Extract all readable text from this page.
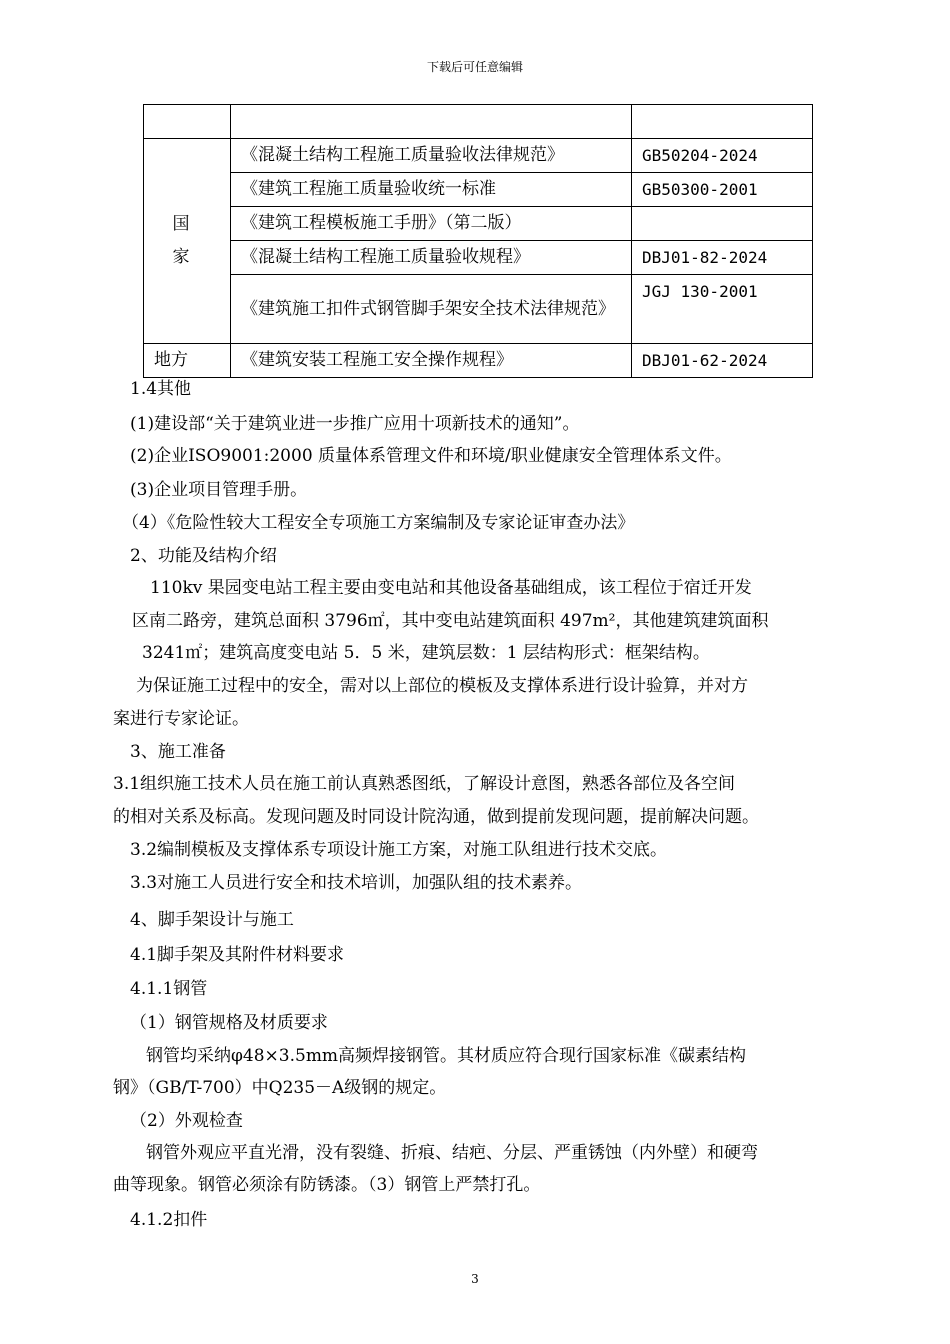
下载后可任意编辑

国 家	《混凝土结构工程施工质量验收法律规范》	GB50204-2024
	《建筑工程施工质量验收统一标准	GB50300-2001
	《建筑工程模板施工手册》（第二版）	
	《混凝土结构工程施工质量验收规程》	DBJ01-82-2024
	《建筑施工扣件式钢管脚手架安全技术法律规范》	JGJ 130-2001
地方	《建筑安装工程施工安全操作规程》	DBJ01-62-2024
1.4其他
(1)建设部“关于建筑业进一步推广应用十项新技术的通知”。
(2)企业ISO9001:2000 质量体系管理文件和环境/职业健康安全管理体系文件。
(3)企业项目管理手册。
（4）《危险性较大工程安全专项施工方案编制及专家论证审查办法》
2、功能及结构介绍
110kv 果园变电站工程主要由变电站和其他设备基础组成，该工程位于宿迁开发
区南二路旁，建筑总面积 3796㎡，其中变电站建筑面积 497m²，其他建筑建筑面积
3241㎡；建筑高度变电站 5．5 米，建筑层数：1 层结构形式：框架结构。
为保证施工过程中的安全，需对以上部位的模板及支撑体系进行设计验算，并对方
案进行专家论证。
3、施工准备
3.1组织施工技术人员在施工前认真熟悉图纸，了解设计意图，熟悉各部位及各空间
的相对关系及标高。发现问题及时同设计院沟通，做到提前发现问题，提前解决问题。
3.2编制模板及支撑体系专项设计施工方案，对施工队组进行技术交底。
3.3对施工人员进行安全和技术培训，加强队组的技术素养。
4、脚手架设计与施工
4.1脚手架及其附件材料要求
4.1.1钢管
（1）钢管规格及材质要求
钢管均采纳φ48×3.5mm高频焊接钢管。其材质应符合现行国家标准《碳素结构
钢》（GB/T-700）中Q235－A级钢的规定。
（2）外观检查
钢管外观应平直光滑，没有裂缝、折痕、结疤、分层、严重锈蚀（内外壁）和硬弯
曲等现象。钢管必须涂有防锈漆。（3）钢管上严禁打孔。
4.1.2扣件
3
